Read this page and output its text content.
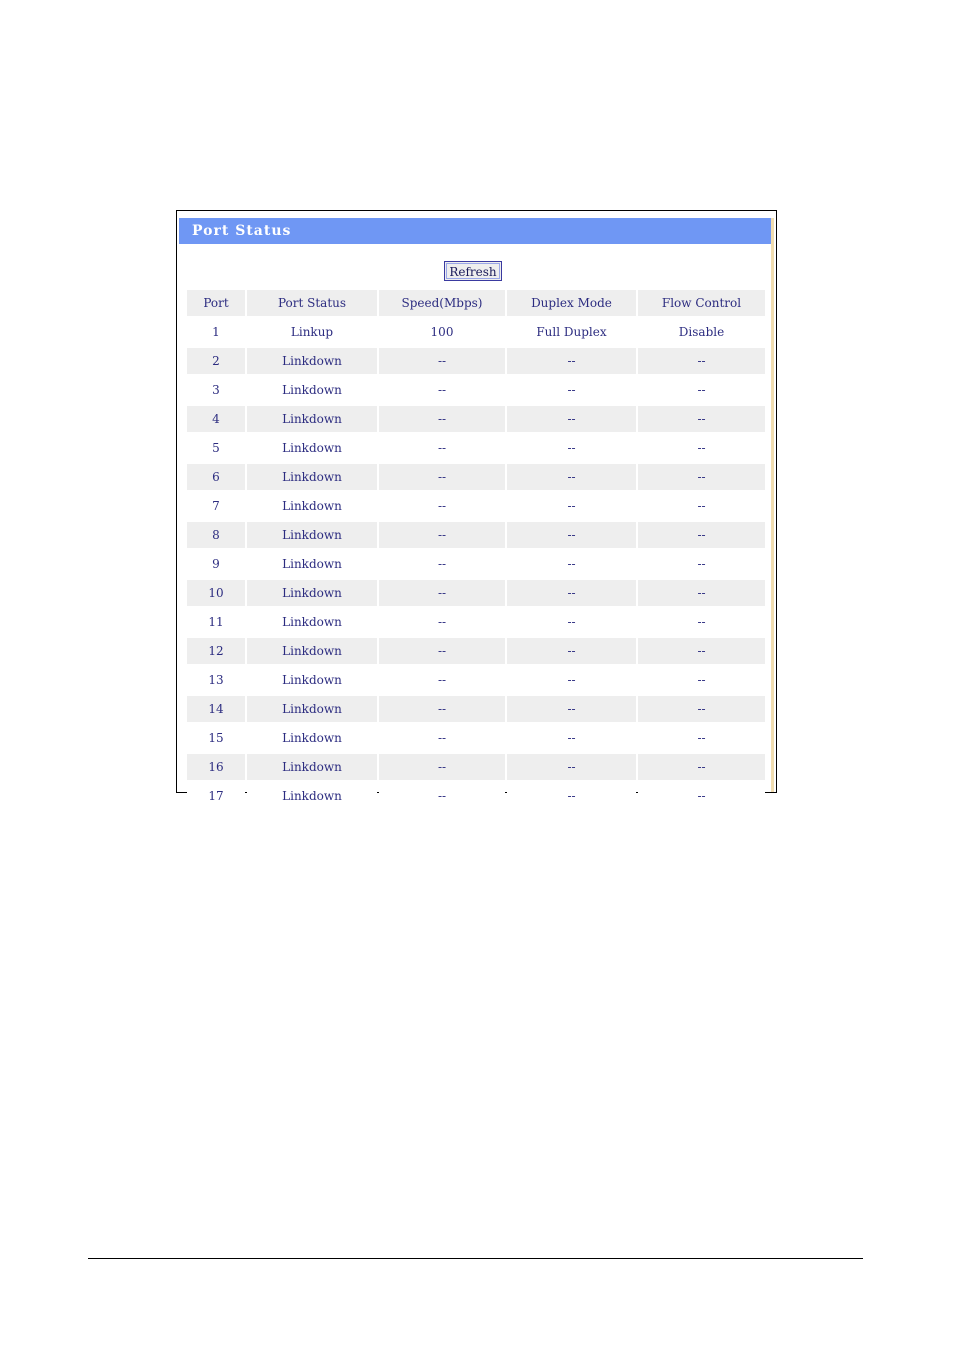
Port Status
Refresh
Port	Port Status	Speed(Mbps)	Duplex Mode	Flow Control
1	Linkup	100	Full Duplex	Disable
2	Linkdown	--	--	--
3	Linkdown	--	--	--
4	Linkdown	--	--	--
5	Linkdown	--	--	--
6	Linkdown	--	--	--
7	Linkdown	--	--	--
8	Linkdown	--	--	--
9	Linkdown	--	--	--
10	Linkdown	--	--	--
11	Linkdown	--	--	--
12	Linkdown	--	--	--
13	Linkdown	--	--	--
14	Linkdown	--	--	--
15	Linkdown	--	--	--
16	Linkdown	--	--	--
17	Linkdown	--	--	--
